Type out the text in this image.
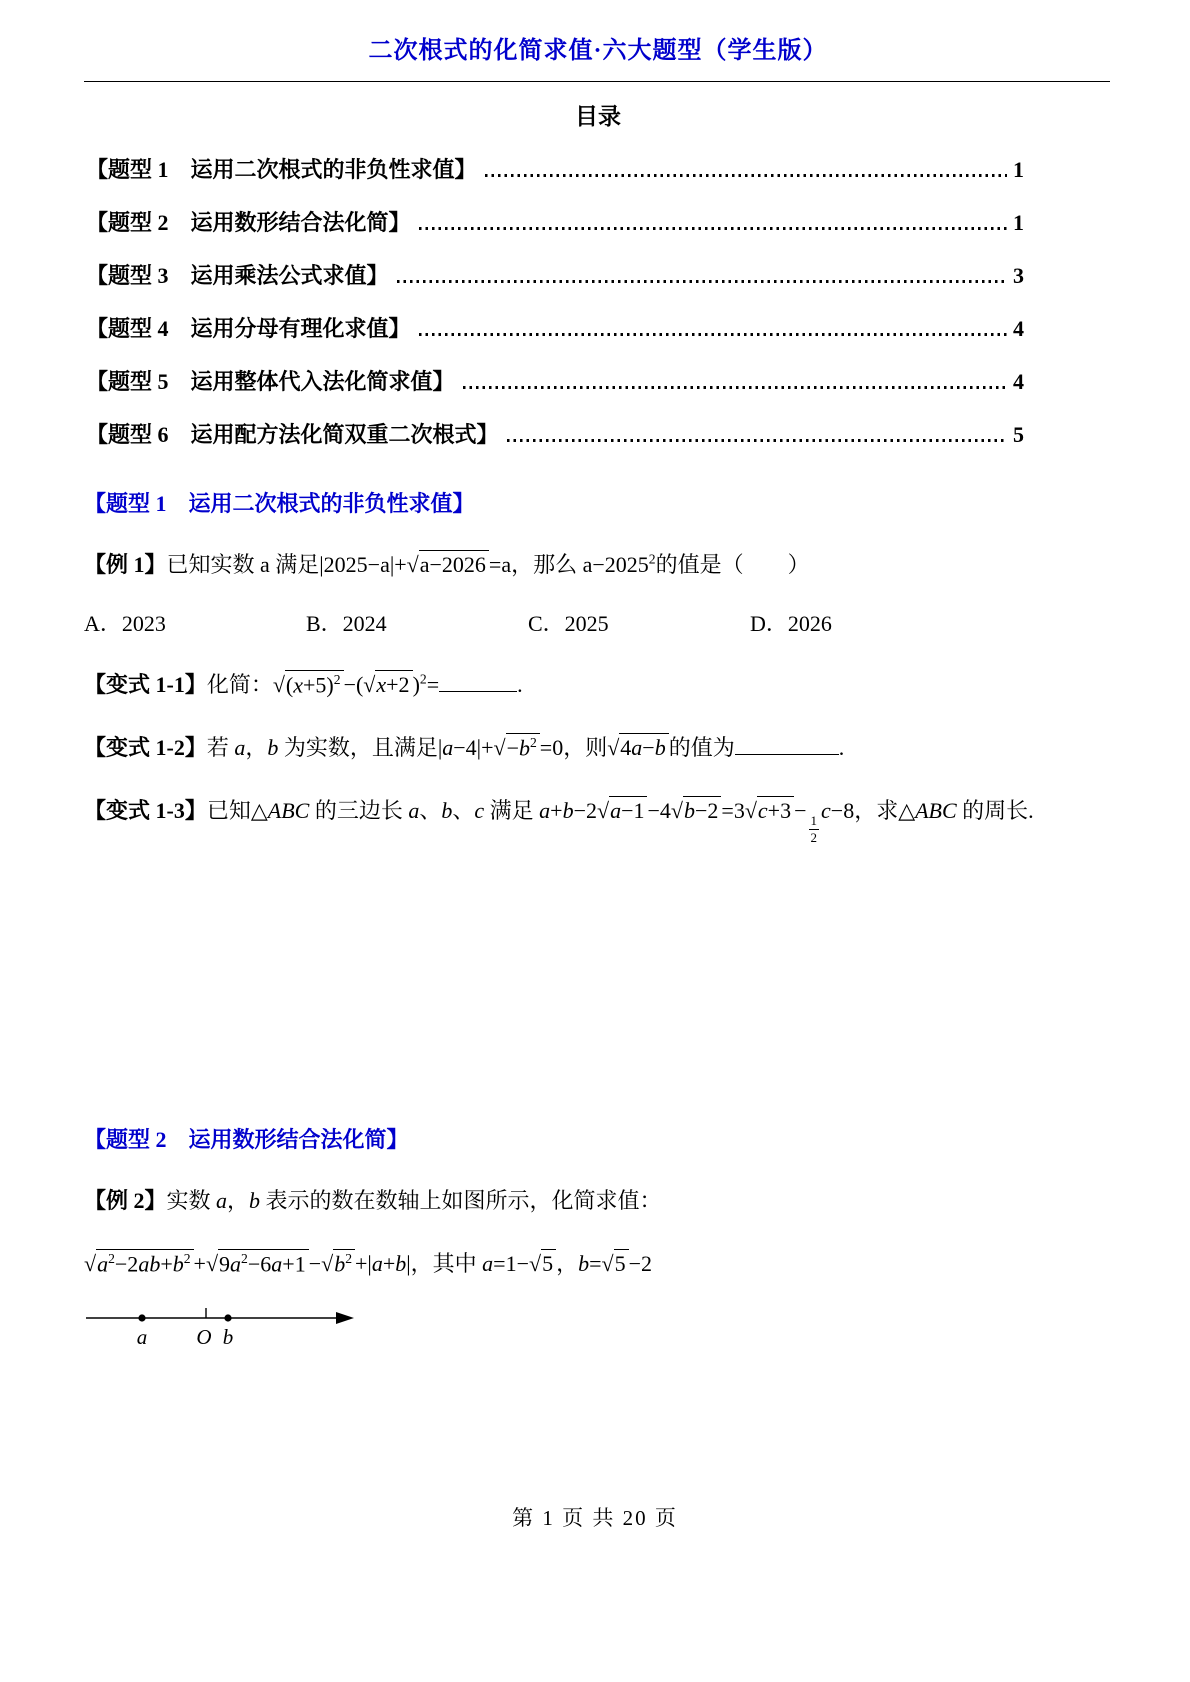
二次根式的化简求值·六大题型（学生版）
目录
【题型 1　运用二次根式的非负性求值】	1
【题型 2　运用数形结合法化简】	1
【题型 3　运用乘法公式求值】	3
【题型 4　运用分母有理化求值】	4
【题型 5　运用整体代入法化简求值】	4
【题型 6　运用配方法化简双重二次根式】	5
【题型 1　运用二次根式的非负性求值】

【例 1】已知实数 a 满足|2025−a|+√a−2026 =a，那么 $a-2025^2$的值是（　　）

A．2023	B．2024	C．2025	D．2026

【变式 1-1】化简：$√(x+5)^2 -(√x+2$ )$^2$=	.

【变式 1-2】若 a，b 为实数，且满足$|a-4|+√-b^2 =0$，则√4a−b 的值为	.

【变式 1-3】已知△ABC 的三边长 a、b、c 满足 a+b−2√a−1 −4√b−2 =3√c+3 −
$\frac{1}{2}$
c−8，求△ABC 的周长.

【题型 2　运用数形结合法化简】

【例 2】实数 a，b 表示的数在数轴上如图所示，化简求值：

$√a^2-2ab+b^2 +√9a^2-6a+1 -√b^2 +|a+b|$，其中 a=1−√5 ，b=√5 −2

a O b
第 1 页 共 20 页
